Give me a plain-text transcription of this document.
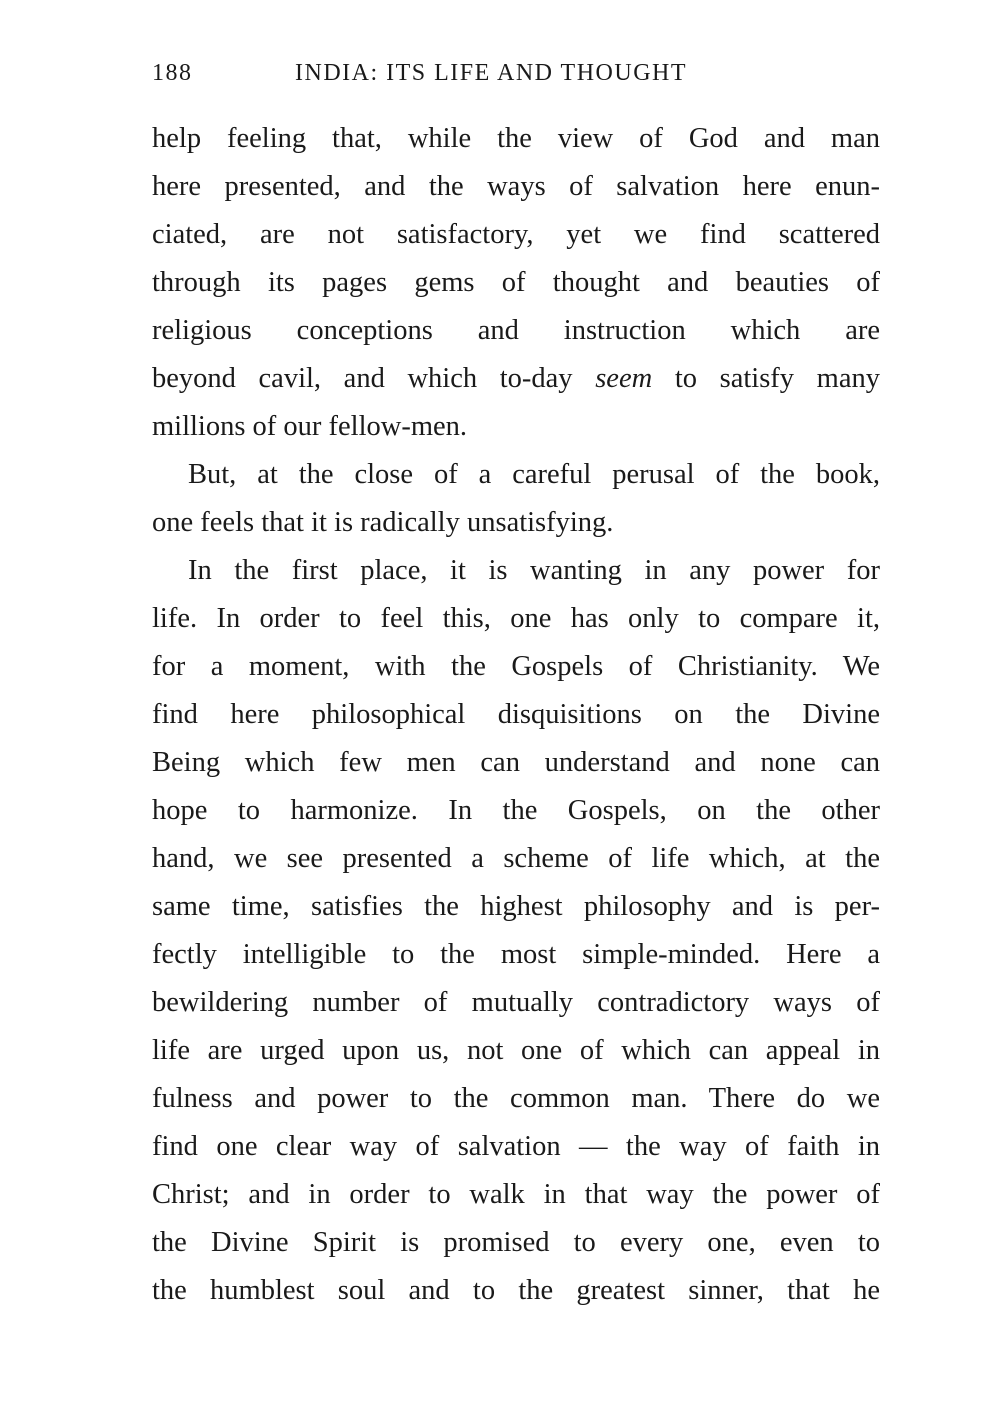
188	INDIA: ITS LIFE AND THOUGHT
help feeling that, while the view of God and man
here presented, and the ways of salvation here enun-
ciated, are not satisfactory, yet we find scattered
through its pages gems of thought and beauties of
religious conceptions and instruction which are
beyond cavil, and which to-day seem to satisfy many
millions of our fellow-men.
But, at the close of a careful perusal of the book,
one feels that it is radically unsatisfying.
In the first place, it is wanting in any power for
life. In order to feel this, one has only to compare it,
for a moment, with the Gospels of Christianity. We
find here philosophical disquisitions on the Divine
Being which few men can understand and none can
hope to harmonize. In the Gospels, on the other
hand, we see presented a scheme of life which, at the
same time, satisfies the highest philosophy and is per-
fectly intelligible to the most simple-minded. Here a
bewildering number of mutually contradictory ways of
life are urged upon us, not one of which can appeal in
fulness and power to the common man. There do we
find one clear way of salvation — the way of faith in
Christ; and in order to walk in that way the power of
the Divine Spirit is promised to every one, even to
the humblest soul and to the greatest sinner, that he
